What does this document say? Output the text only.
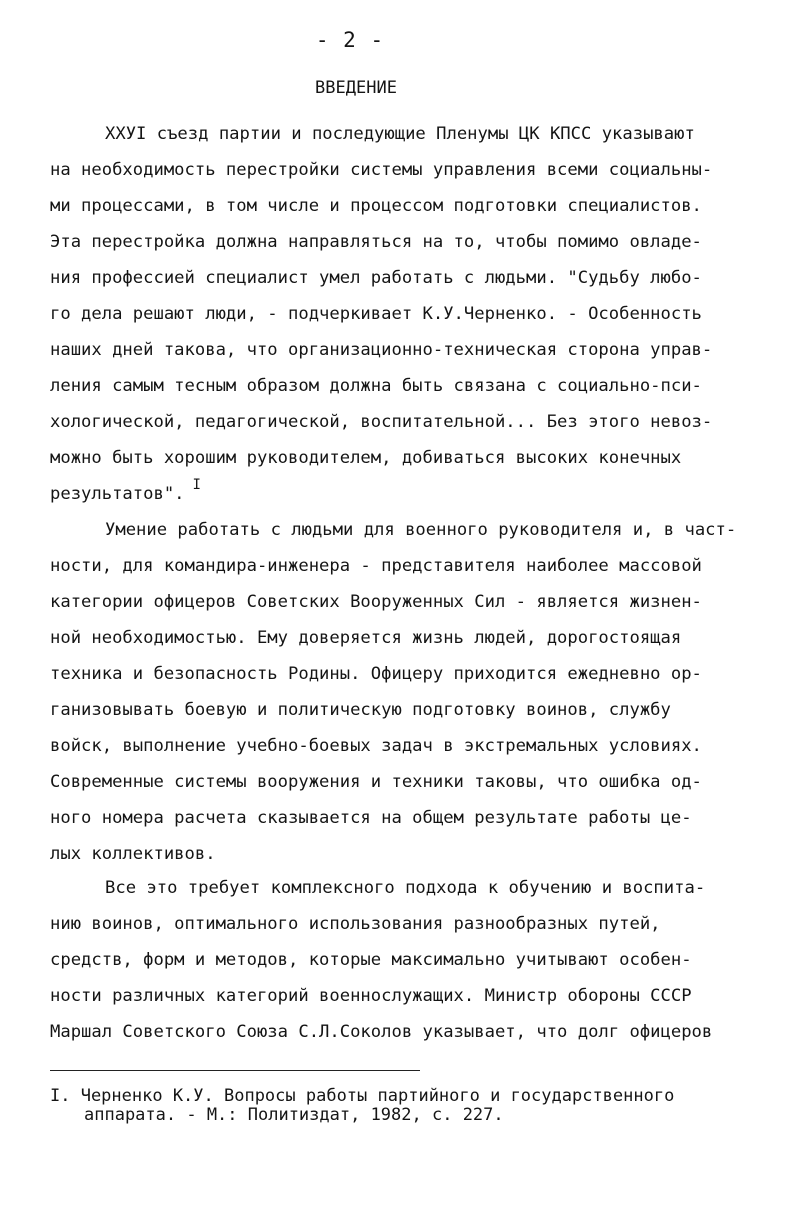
- 2 -
ВВЕДЕНИЕ
ХХУI съезд партии и последующие Пленумы ЦК КПСС указывают
на необходимость перестройки системы управления всеми социальны-
ми процессами, в том числе и процессом подготовки специалистов.
Эта перестройка должна направляться на то, чтобы помимо овладе-
ния профессией специалист умел работать с людьми. "Судьбу любо-
го дела решают люди, - подчеркивает К.У.Черненко. - Особенность
наших дней такова, что организационно-техническая сторона управ-
ления самым тесным образом должна быть связана с социально-пси-
хологической, педагогической, воспитательной... Без этого невоз-
можно быть хорошим руководителем, добиваться высоких конечных
результатов". $^I$
Умение работать с людьми для военного руководителя и, в част-
ности, для командира-инженера - представителя наиболее массовой
категории офицеров Советских Вооруженных Сил - является жизнен-
ной необходимостью. Ему доверяется жизнь людей, дорогостоящая
техника и безопасность Родины. Офицеру приходится ежедневно ор-
ганизовывать боевую и политическую подготовку воинов, службу
войск, выполнение учебно-боевых задач в экстремальных условиях.
Современные системы вооружения и техники таковы, что ошибка од-
ного номера расчета сказывается на общем результате работы це-
лых коллективов.
Все это требует комплексного подхода к обучению и воспита-
нию воинов, оптимального использования разнообразных путей,
средств, форм и методов, которые максимально учитывают особен-
ности различных категорий военнослужащих. Министр обороны СССР
Маршал Советского Союза С.Л.Соколов указывает, что долг офицеров
I. Черненко К.У. Вопросы работы партийного и государственного
аппарата. - М.: Политиздат, 1982, с. 227.
